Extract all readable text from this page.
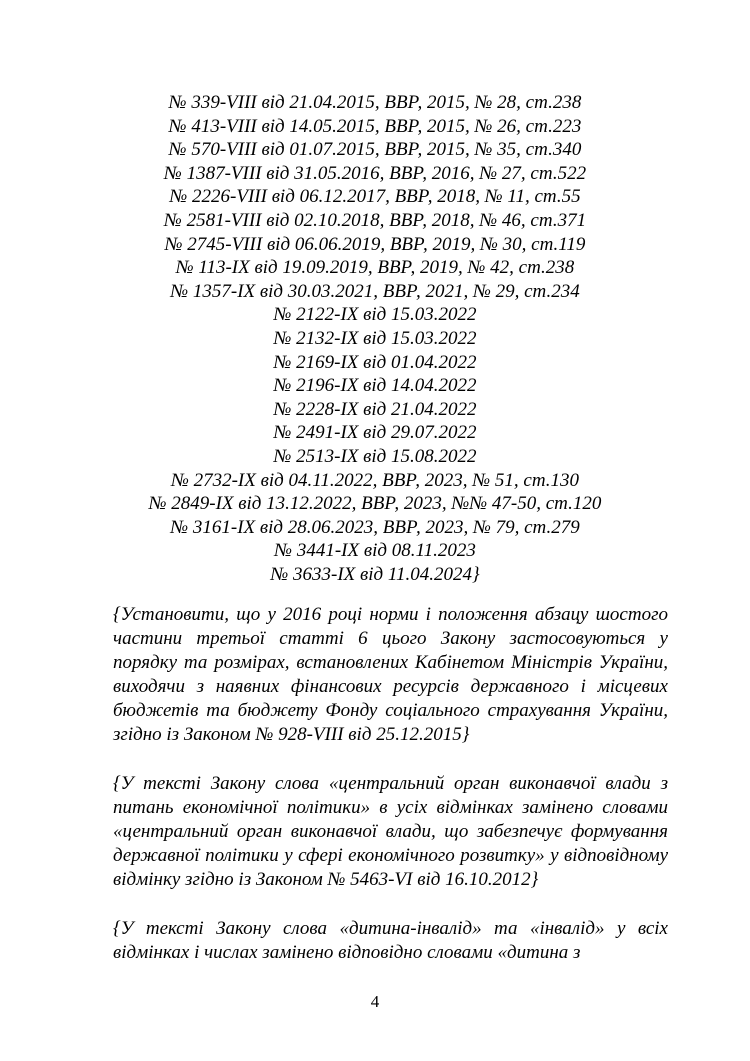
№ 339-VIII від 21.04.2015, ВВР, 2015, № 28, ст.238
№ 413-VIII від 14.05.2015, ВВР, 2015, № 26, ст.223
№ 570-VIII від 01.07.2015, ВВР, 2015, № 35, ст.340
№ 1387-VIII від 31.05.2016, ВВР, 2016, № 27, ст.522
№ 2226-VIII від 06.12.2017, ВВР, 2018, № 11, ст.55
№ 2581-VIII від 02.10.2018, ВВР, 2018, № 46, ст.371
№ 2745-VIII від 06.06.2019, ВВР, 2019, № 30, ст.119
№ 113-IX від 19.09.2019, ВВР, 2019, № 42, ст.238
№ 1357-IX від 30.03.2021, ВВР, 2021, № 29, ст.234
№ 2122-IX від 15.03.2022
№ 2132-IX від 15.03.2022
№ 2169-IX від 01.04.2022
№ 2196-IX від 14.04.2022
№ 2228-IX від 21.04.2022
№ 2491-IX від 29.07.2022
№ 2513-IX від 15.08.2022
№ 2732-IX від 04.11.2022, ВВР, 2023, № 51, ст.130
№ 2849-IX від 13.12.2022, ВВР, 2023, №№ 47-50, ст.120
№ 3161-IX від 28.06.2023, ВВР, 2023, № 79, ст.279
№ 3441-IX від 08.11.2023
№ 3633-IX від 11.04.2024}

{Установити, що у 2016 році норми і положення абзацу шостого частини третьої статті 6 цього Закону застосовуються у порядку та розмірах, встановлених Кабінетом Міністрів України, виходячи з наявних фінансових ресурсів державного і місцевих бюджетів та бюджету Фонду соціального страхування України, згідно із Законом № 928-VIII від 25.12.2015}

{У тексті Закону слова «центральний орган виконавчої влади з питань економічної політики» в усіх відмінках замінено словами «центральний орган виконавчої влади, що забезпечує формування державної політики у сфері економічного розвитку» у відповідному відмінку згідно із Законом № 5463-VI від 16.10.2012}

{У тексті Закону слова «дитина-інвалід» та «інвалід» у всіх відмінках і числах замінено відповідно словами «дитина з

4
